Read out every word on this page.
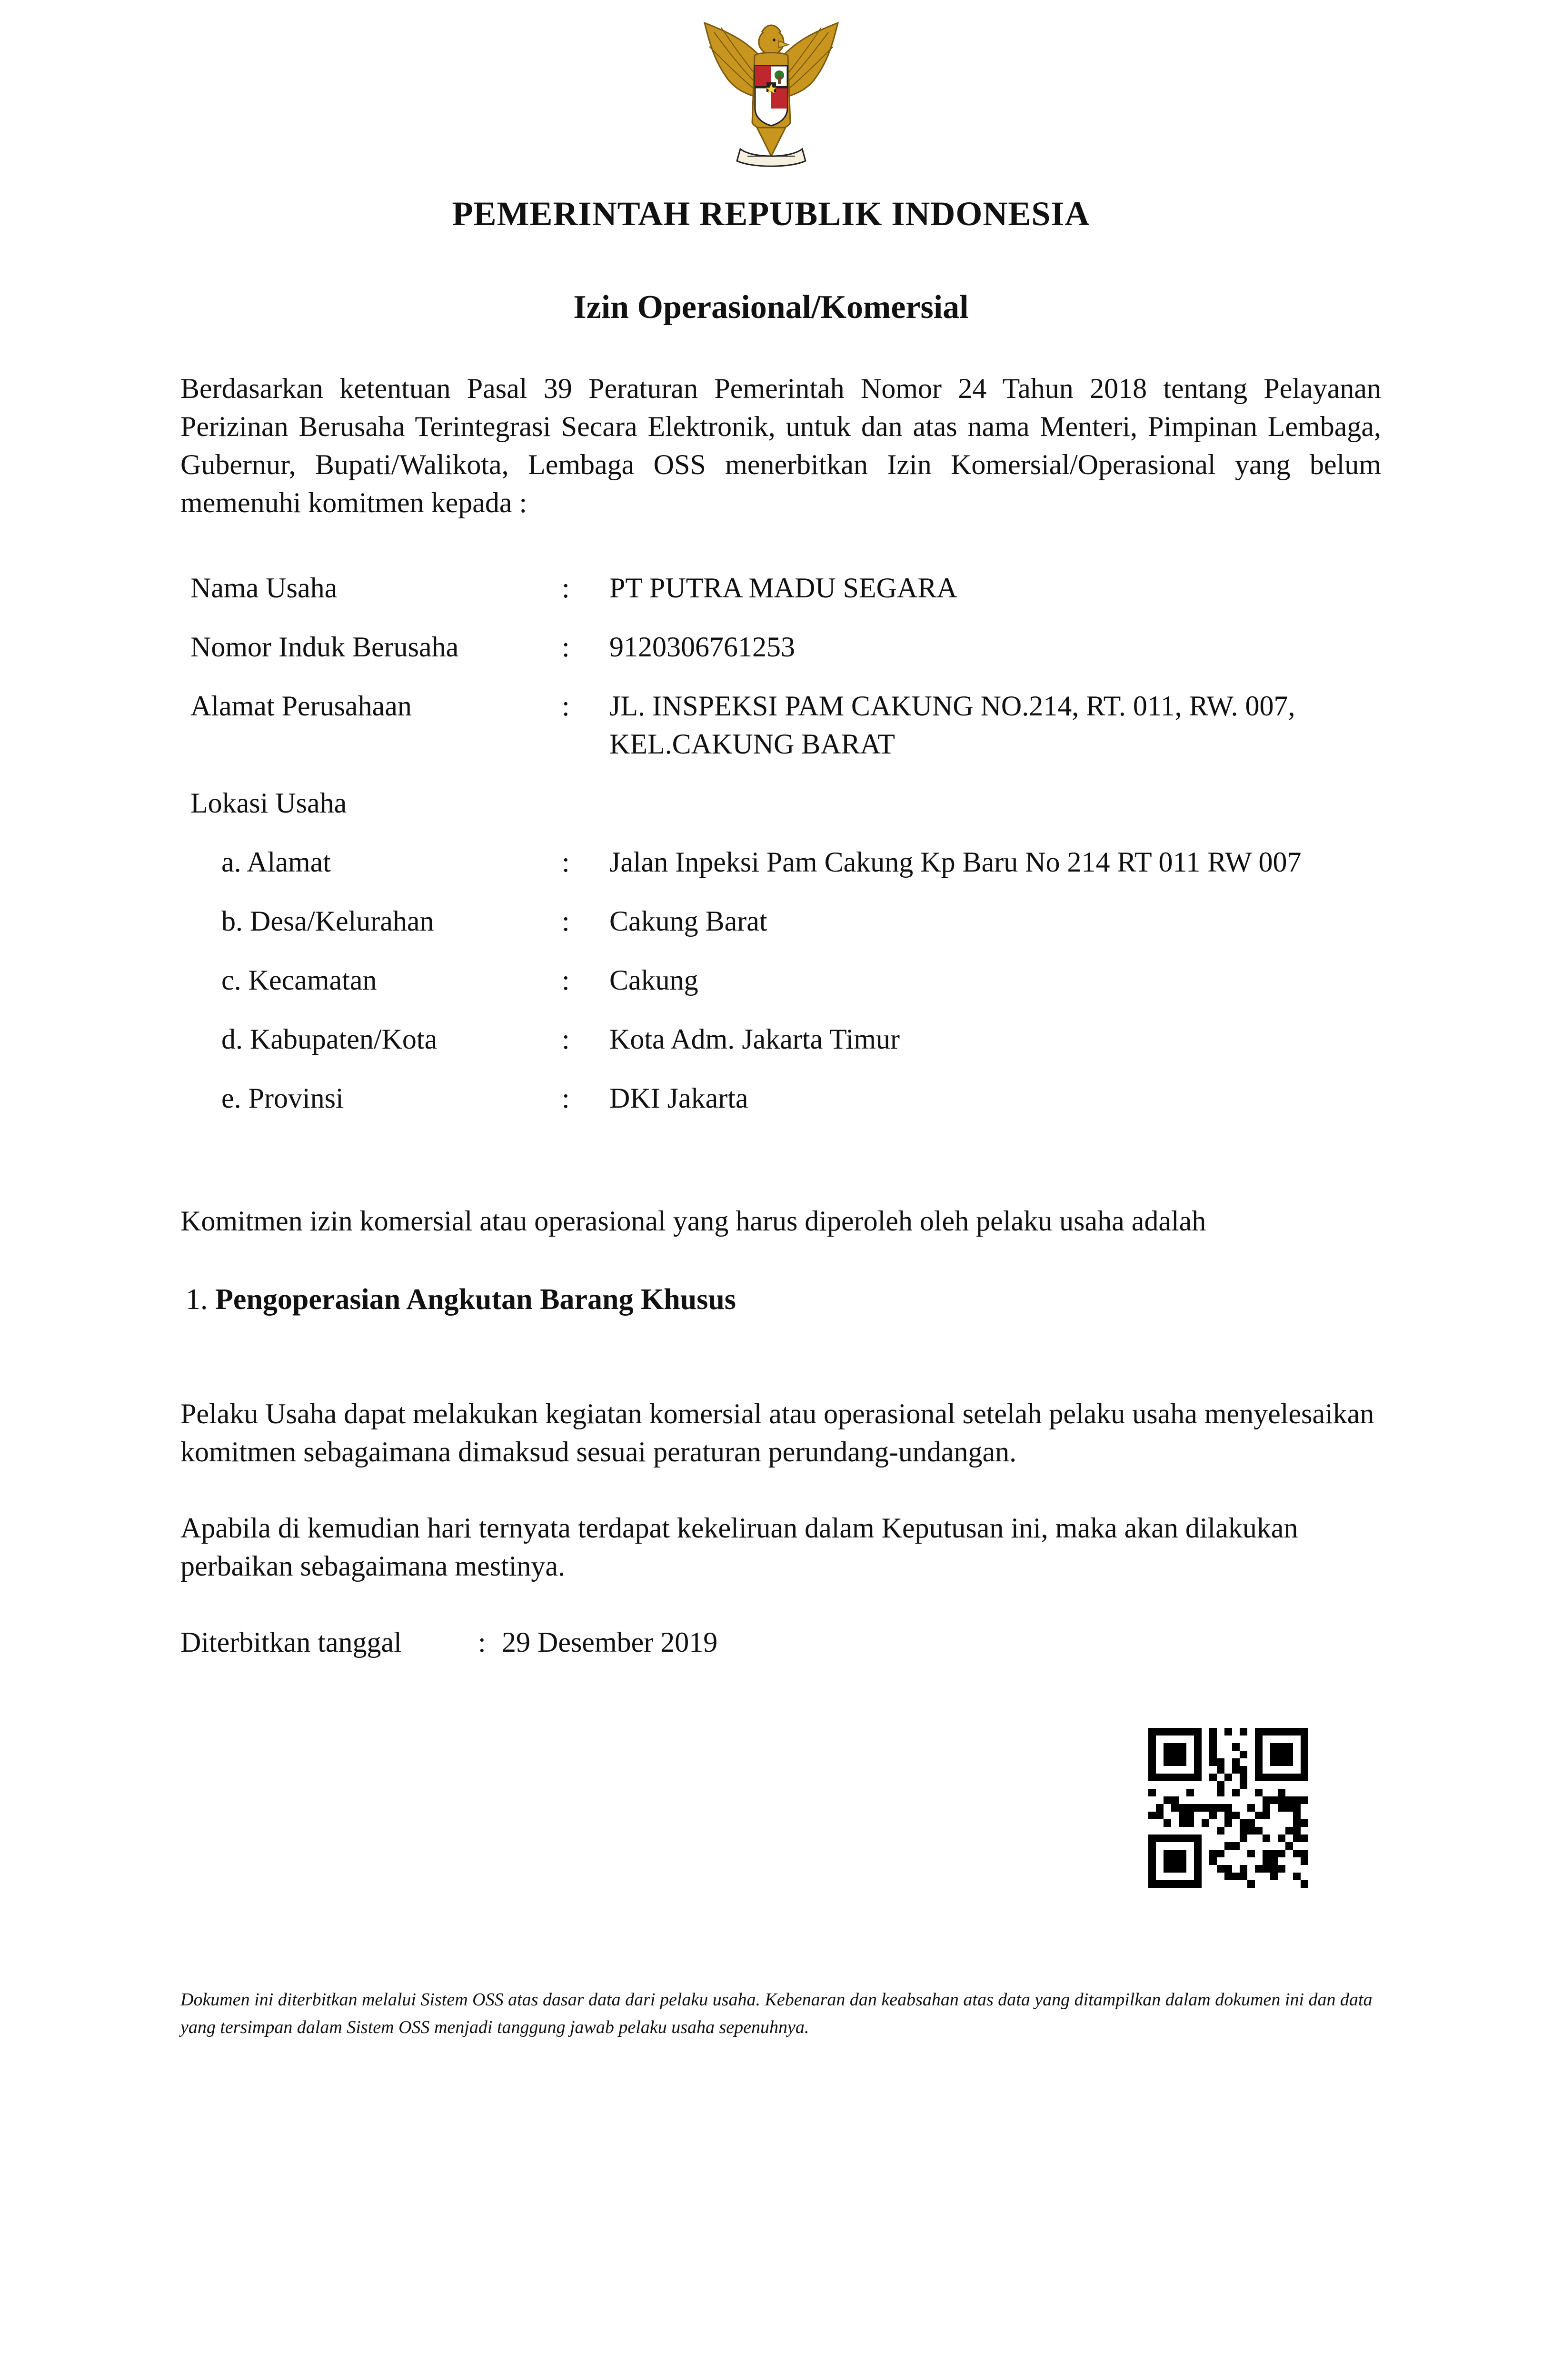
PEMERINTAH REPUBLIK INDONESIA
Izin Operasional/Komersial
Berdasarkan ketentuan Pasal 39 Peraturan Pemerintah Nomor 24 Tahun 2018 tentang Pelayanan Perizinan Berusaha Terintegrasi Secara Elektronik, untuk dan atas nama Menteri, Pimpinan Lembaga, Gubernur, Bupati/Walikota, Lembaga OSS menerbitkan Izin Komersial/Operasional yang belum memenuhi komitmen kepada :
Nama Usaha	: PT PUTRA MADU SEGARA
Nomor Induk Berusaha	: 9120306761253
Alamat Perusahaan	: JL. INSPEKSI PAM CAKUNG NO.214, RT. 011, RW. 007,
KEL.CAKUNG BARAT
Lokasi Usaha
a. Alamat	: Jalan Inpeksi Pam Cakung Kp Baru No 214 RT 011 RW 007
b. Desa/Kelurahan	: Cakung Barat
c. Kecamatan	: Cakung
d. Kabupaten/Kota	: Kota Adm. Jakarta Timur
e. Provinsi	: DKI Jakarta
Komitmen izin komersial atau operasional yang harus diperoleh oleh pelaku usaha adalah
1. Pengoperasian Angkutan Barang Khusus
Pelaku Usaha dapat melakukan kegiatan komersial atau operasional setelah pelaku usaha menyelesaikan komitmen sebagaimana dimaksud sesuai peraturan perundang-undangan.
Apabila di kemudian hari ternyata terdapat kekeliruan dalam Keputusan ini, maka akan dilakukan perbaikan sebagaimana mestinya.
Diterbitkan tanggal	: 29 Desember 2019
Dokumen ini diterbitkan melalui Sistem OSS atas dasar data dari pelaku usaha. Kebenaran dan keabsahan atas data yang ditampilkan dalam dokumen ini dan data yang tersimpan dalam Sistem OSS menjadi tanggung jawab pelaku usaha sepenuhnya.
